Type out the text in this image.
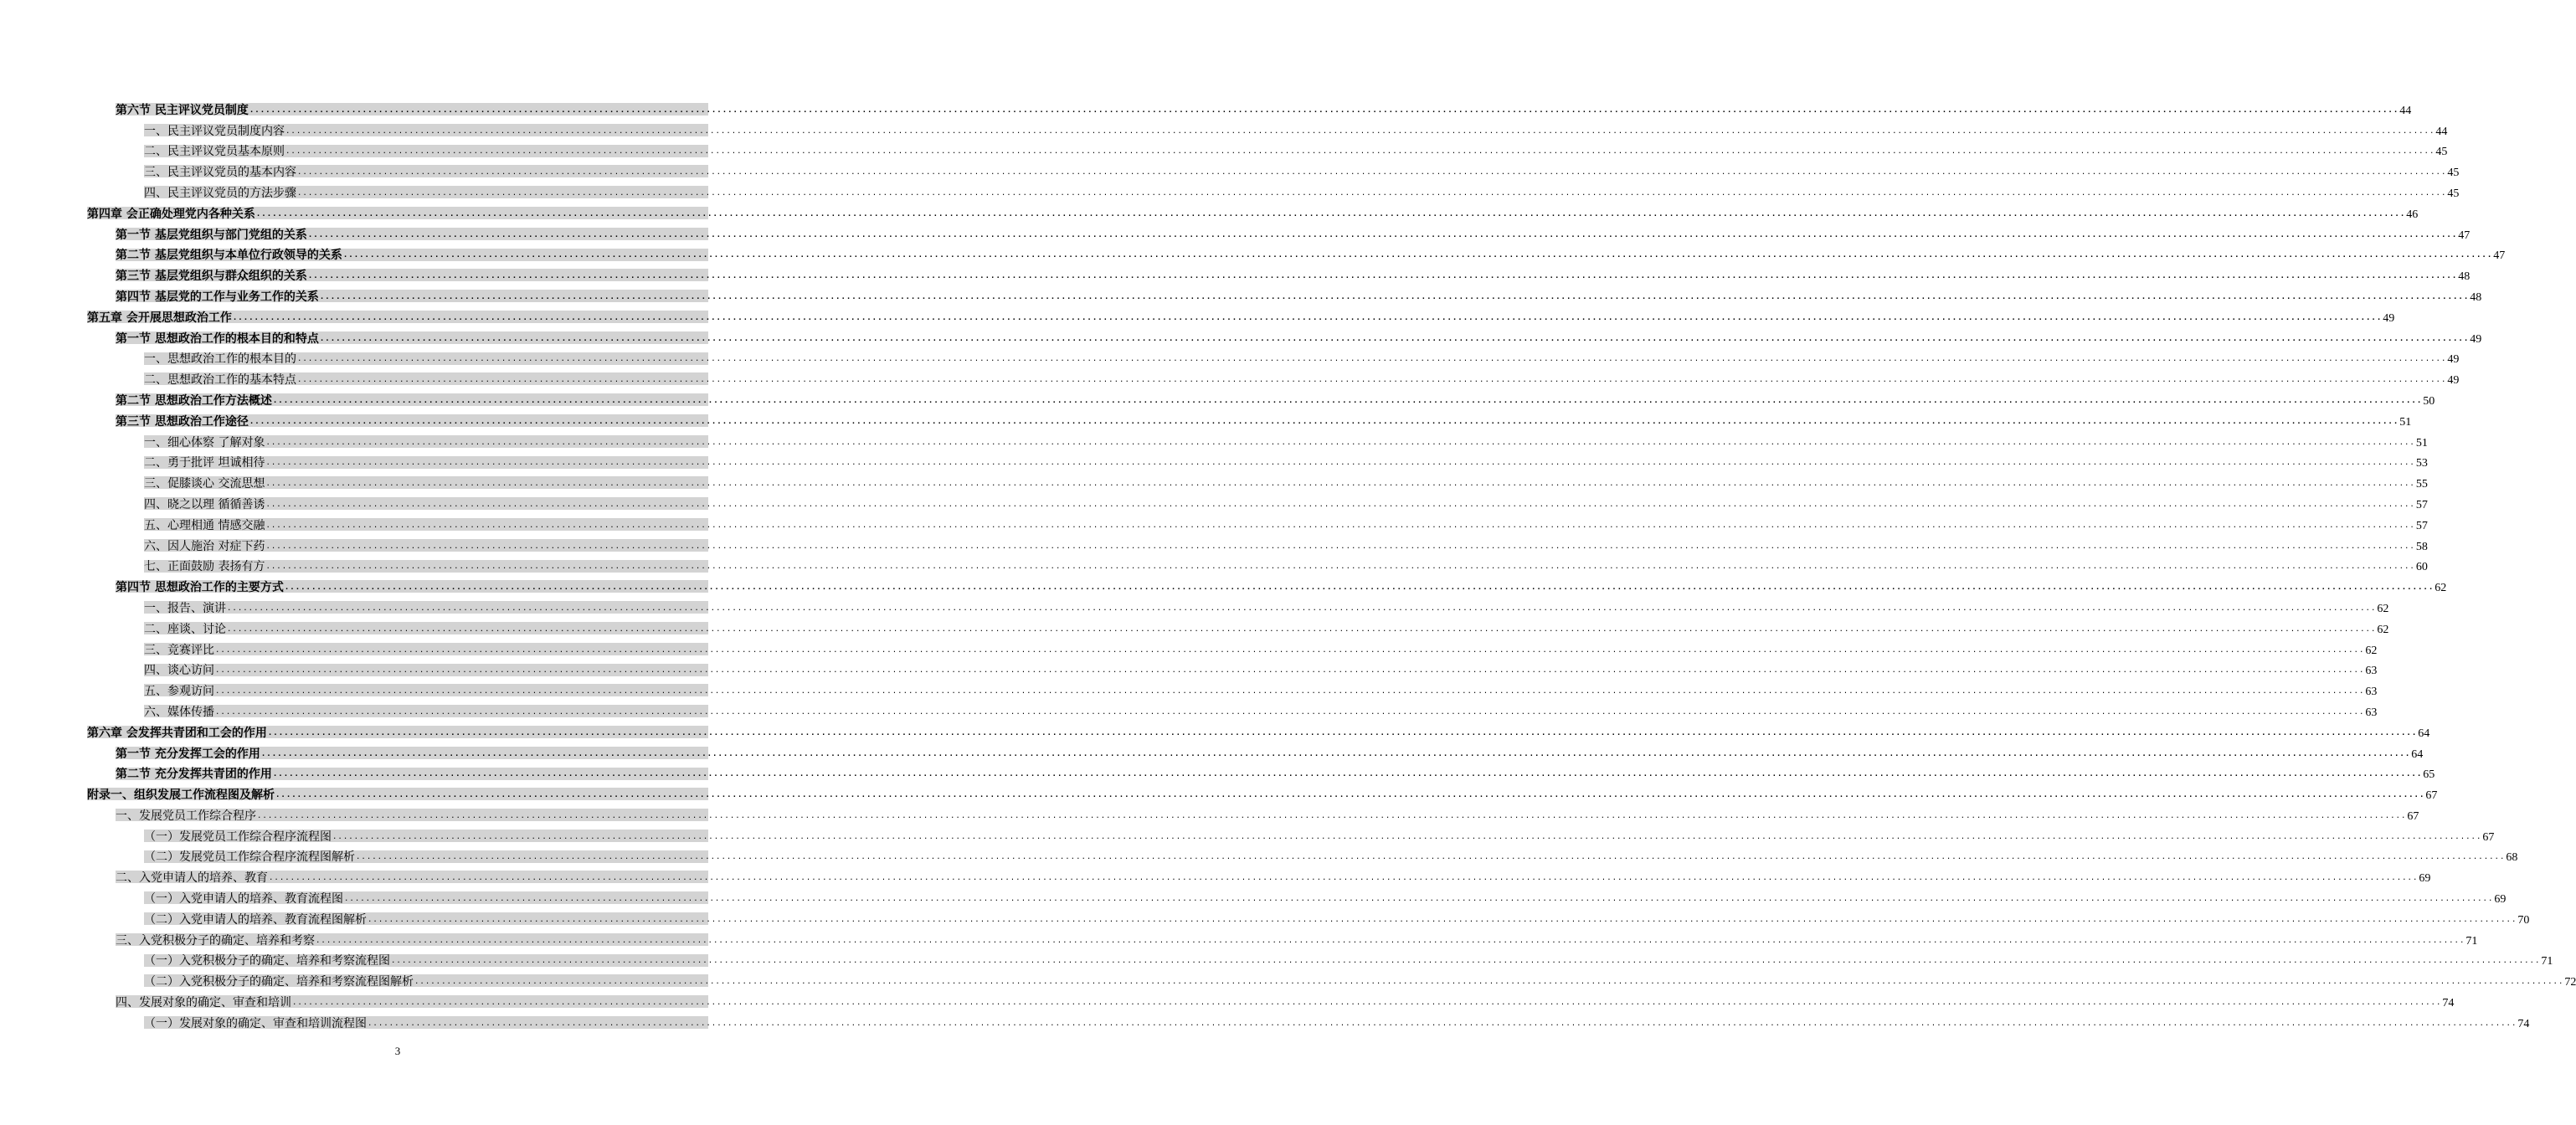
第六节 民主评议党员制度 ................................................................................................................................................................................................................................................................................................................................................................................................................ 44
一、民主评议党员制度内容 ................................................................................................................................................................................................................................................................................................................................................................................................................ 44
二、民主评议党员基本原则 ................................................................................................................................................................................................................................................................................................................................................................................................................ 45
三、民主评议党员的基本内容 ................................................................................................................................................................................................................................................................................................................................................................................................................ 45
四、民主评议党员的方法步骤 ................................................................................................................................................................................................................................................................................................................................................................................................................ 45
第四章 会正确处理党内各种关系 ................................................................................................................................................................................................................................................................................................................................................................................................................ 46
第一节 基层党组织与部门党组的关系 ................................................................................................................................................................................................................................................................................................................................................................................................................ 47
第二节 基层党组织与本单位行政领导的关系 ................................................................................................................................................................................................................................................................................................................................................................................................................ 47
第三节 基层党组织与群众组织的关系 ................................................................................................................................................................................................................................................................................................................................................................................................................ 48
第四节 基层党的工作与业务工作的关系 ................................................................................................................................................................................................................................................................................................................................................................................................................ 48
第五章 会开展思想政治工作 ................................................................................................................................................................................................................................................................................................................................................................................................................ 49
第一节 思想政治工作的根本目的和特点 ................................................................................................................................................................................................................................................................................................................................................................................................................ 49
一、思想政治工作的根本目的 ................................................................................................................................................................................................................................................................................................................................................................................................................ 49
二、思想政治工作的基本特点 ................................................................................................................................................................................................................................................................................................................................................................................................................ 49
第二节 思想政治工作方法概述 ................................................................................................................................................................................................................................................................................................................................................................................................................ 50
第三节 思想政治工作途径 ................................................................................................................................................................................................................................................................................................................................................................................................................ 51
一、细心体察 了解对象 ................................................................................................................................................................................................................................................................................................................................................................................................................ 51
二、勇于批评 坦诚相待 ................................................................................................................................................................................................................................................................................................................................................................................................................ 53
三、促膝谈心 交流思想 ................................................................................................................................................................................................................................................................................................................................................................................................................ 55
四、晓之以理 循循善诱 ................................................................................................................................................................................................................................................................................................................................................................................................................ 57
五、心理相通 情感交融 ................................................................................................................................................................................................................................................................................................................................................................................................................ 57
六、因人施治 对症下药 ................................................................................................................................................................................................................................................................................................................................................................................................................ 58
七、正面鼓励 表扬有方 ................................................................................................................................................................................................................................................................................................................................................................................................................ 60
第四节 思想政治工作的主要方式 ................................................................................................................................................................................................................................................................................................................................................................................................................ 62
一、报告、演讲 ................................................................................................................................................................................................................................................................................................................................................................................................................ 62
二、座谈、讨论 ................................................................................................................................................................................................................................................................................................................................................................................................................ 62
三、竞赛评比 ................................................................................................................................................................................................................................................................................................................................................................................................................ 62
四、谈心访问 ................................................................................................................................................................................................................................................................................................................................................................................................................ 63
五、参观访问 ................................................................................................................................................................................................................................................................................................................................................................................................................ 63
六、媒体传播 ................................................................................................................................................................................................................................................................................................................................................................................................................ 63
第六章 会发挥共青团和工会的作用 ................................................................................................................................................................................................................................................................................................................................................................................................................ 64
第一节 充分发挥工会的作用 ................................................................................................................................................................................................................................................................................................................................................................................................................ 64
第二节 充分发挥共青团的作用 ................................................................................................................................................................................................................................................................................................................................................................................................................ 65
附录一、组织发展工作流程图及解析 ................................................................................................................................................................................................................................................................................................................................................................................................................ 67
一、发展党员工作综合程序 ................................................................................................................................................................................................................................................................................................................................................................................................................ 67
（一）发展党员工作综合程序流程图 ................................................................................................................................................................................................................................................................................................................................................................................................................ 67
（二）发展党员工作综合程序流程图解析 ................................................................................................................................................................................................................................................................................................................................................................................................................ 68
二、入党申请人的培养、教育 ................................................................................................................................................................................................................................................................................................................................................................................................................ 69
（一）入党申请人的培养、教育流程图 ................................................................................................................................................................................................................................................................................................................................................................................................................ 69
（二）入党申请人的培养、教育流程图解析 ................................................................................................................................................................................................................................................................................................................................................................................................................ 70
三、入党积极分子的确定、培养和考察 ................................................................................................................................................................................................................................................................................................................................................................................................................ 71
（一）入党积极分子的确定、培养和考察流程图 ................................................................................................................................................................................................................................................................................................................................................................................................................ 71
（二）入党积极分子的确定、培养和考察流程图解析 ................................................................................................................................................................................................................................................................................................................................................................................................................ 72
四、发展对象的确定、审查和培训 ................................................................................................................................................................................................................................................................................................................................................................................................................ 74
（一）发展对象的确定、审查和培训流程图 ................................................................................................................................................................................................................................................................................................................................................................................................................ 74
3
